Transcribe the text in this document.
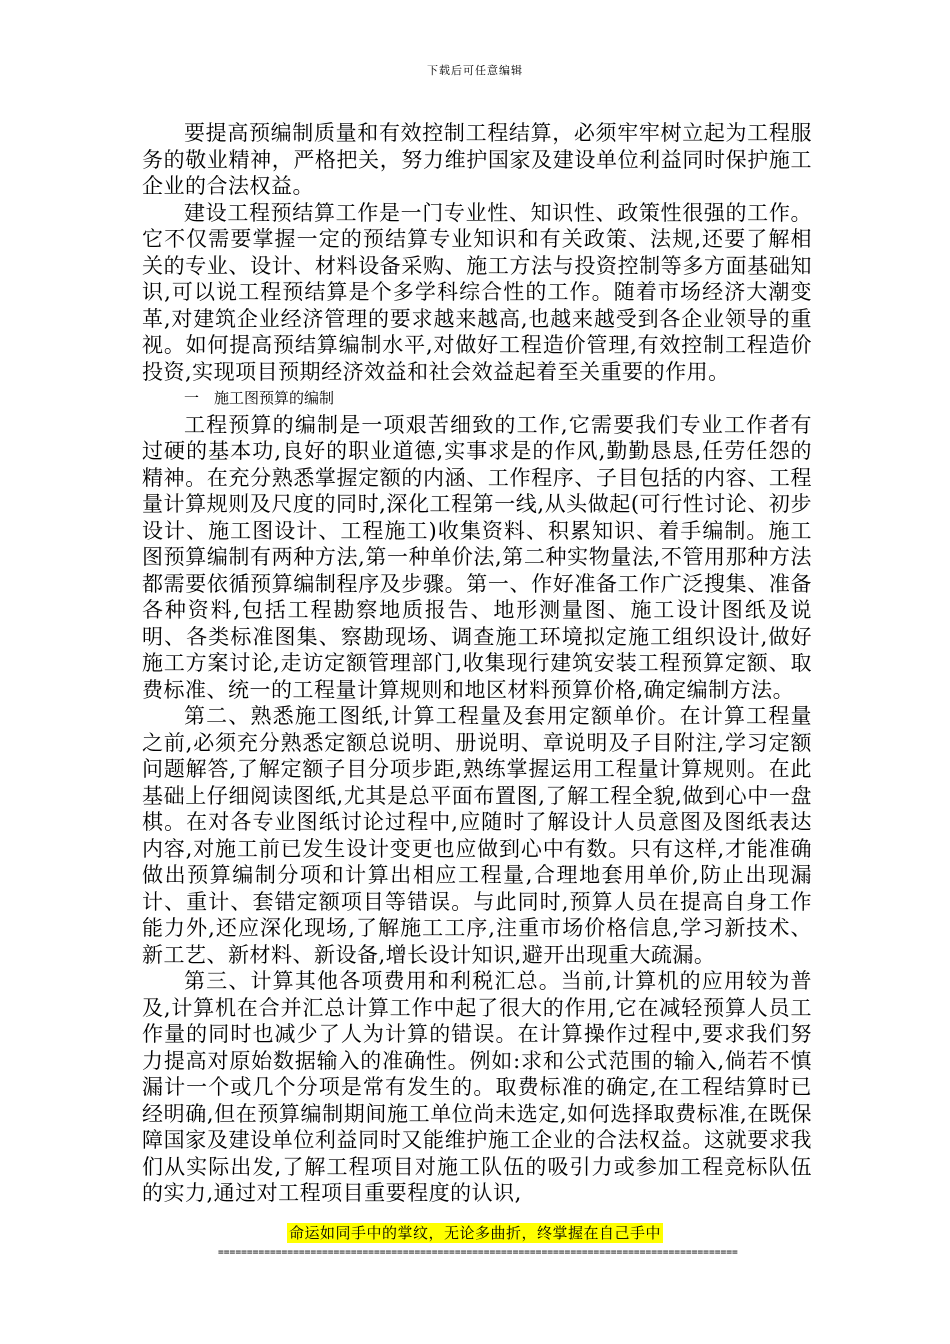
下载后可任意编辑

要提高预编制质量和有效控制工程结算，必须牢牢树立起为工程服务的敬业精神，严格把关，努力维护国家及建设单位利益同时保护施工企业的合法权益。

建设工程预结算工作是一门专业性、知识性、政策性很强的工作。它不仅需要掌握一定的预结算专业知识和有关政策、法规,还要了解相关的专业、设计、材料设备采购、施工方法与投资控制等多方面基础知识,可以说工程预结算是个多学科综合性的工作。随着市场经济大潮变革,对建筑企业经济管理的要求越来越高,也越来越受到各企业领导的重视。如何提高预结算编制水平,对做好工程造价管理,有效控制工程造价投资,实现项目预期经济效益和社会效益起着至关重要的作用。

一　施工图预算的编制

工程预算的编制是一项艰苦细致的工作,它需要我们专业工作者有过硬的基本功,良好的职业道德,实事求是的作风,勤勤恳恳,任劳任怨的精神。在充分熟悉掌握定额的内涵、工作程序、子目包括的内容、工程量计算规则及尺度的同时,深化工程第一线,从头做起(可行性讨论、初步设计、施工图设计、工程施工)收集资料、积累知识、着手编制。施工图预算编制有两种方法,第一种单价法,第二种实物量法,不管用那种方法都需要依循预算编制程序及步骤。第一、作好准备工作广泛搜集、准备各种资料,包括工程勘察地质报告、地形测量图、施工设计图纸及说明、各类标准图集、察勘现场、调查施工环境拟定施工组织设计,做好施工方案讨论,走访定额管理部门,收集现行建筑安装工程预算定额、取费标准、统一的工程量计算规则和地区材料预算价格,确定编制方法。

第二、熟悉施工图纸,计算工程量及套用定额单价。在计算工程量之前,必须充分熟悉定额总说明、册说明、章说明及子目附注,学习定额问题解答,了解定额子目分项步距,熟练掌握运用工程量计算规则。在此基础上仔细阅读图纸,尤其是总平面布置图,了解工程全貌,做到心中一盘棋。在对各专业图纸讨论过程中,应随时了解设计人员意图及图纸表达内容,对施工前已发生设计变更也应做到心中有数。只有这样,才能准确做出预算编制分项和计算出相应工程量,合理地套用单价,防止出现漏计、重计、套错定额项目等错误。与此同时,预算人员在提高自身工作能力外,还应深化现场,了解施工工序,注重市场价格信息,学习新技术、新工艺、新材料、新设备,增长设计知识,避开出现重大疏漏。

第三、计算其他各项费用和利税汇总。当前,计算机的应用较为普及,计算机在合并汇总计算工作中起了很大的作用,它在减轻预算人员工作量的同时也减少了人为计算的错误。在计算操作过程中,要求我们努力提高对原始数据输入的准确性。例如:求和公式范围的输入,倘若不慎漏计一个或几个分项是常有发生的。取费标准的确定,在工程结算时已经明确,但在预算编制期间施工单位尚未选定,如何选择取费标准,在既保障国家及建设单位利益同时又能维护施工企业的合法权益。这就要求我们从实际出发,了解工程项目对施工队伍的吸引力或参加工程竞标队伍的实力,通过对工程项目重要程度的认识,

命运如同手中的掌纹，无论多曲折，终掌握在自己手中
==========================================================================================
